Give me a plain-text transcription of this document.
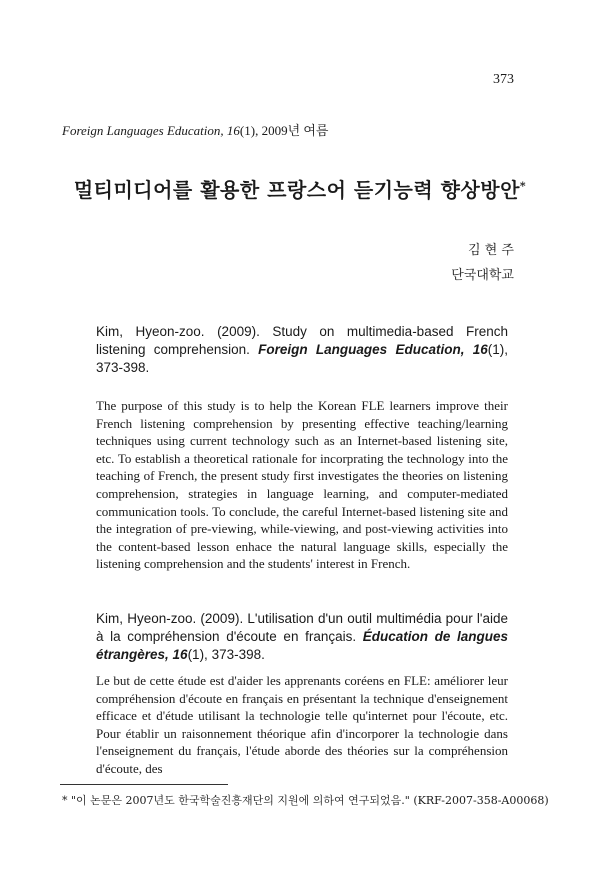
373
Foreign Languages Education, 16(1), 2009년 여름
멀티미디어를 활용한 프랑스어 듣기능력 향상방안*
김 현 주
단국대학교
Kim, Hyeon-zoo. (2009). Study on multimedia-based French listening comprehension. Foreign Languages Education, 16(1), 373-398.
The purpose of this study is to help the Korean FLE learners improve their French listening comprehension by presenting effective teaching/learning techniques using current technology such as an Internet-based listening site, etc. To establish a theoretical rationale for incorprating the technology into the teaching of French, the present study first investigates the theories on listening comprehension, strategies in language learning, and computer-mediated communication tools. To conclude, the careful Internet-based listening site and the integration of pre-viewing, while-viewing, and post-viewing activities into the content-based lesson enhace the natural language skills, especially the listening comprehension and the students' interest in French.
Kim, Hyeon-zoo. (2009). L'utilisation d'un outil multimédia pour l'aide à la compréhension d'écoute en français. Éducation de langues étrangères, 16(1), 373-398.
Le but de cette étude est d'aider les apprenants coréens en FLE: améliorer leur compréhension d'écoute en français en présentant la technique d'enseignement efficace et d'étude utilisant la technologie telle qu'internet pour l'écoute, etc. Pour établir un raisonnement théorique afin d'incorporer la technologie dans l'enseignement du français, l'étude aborde des théories sur la compréhension d'écoute, des
* "이 논문은 2007년도 한국학술진흥재단의 지원에 의하여 연구되었음." (KRF-2007-358-A00068)
